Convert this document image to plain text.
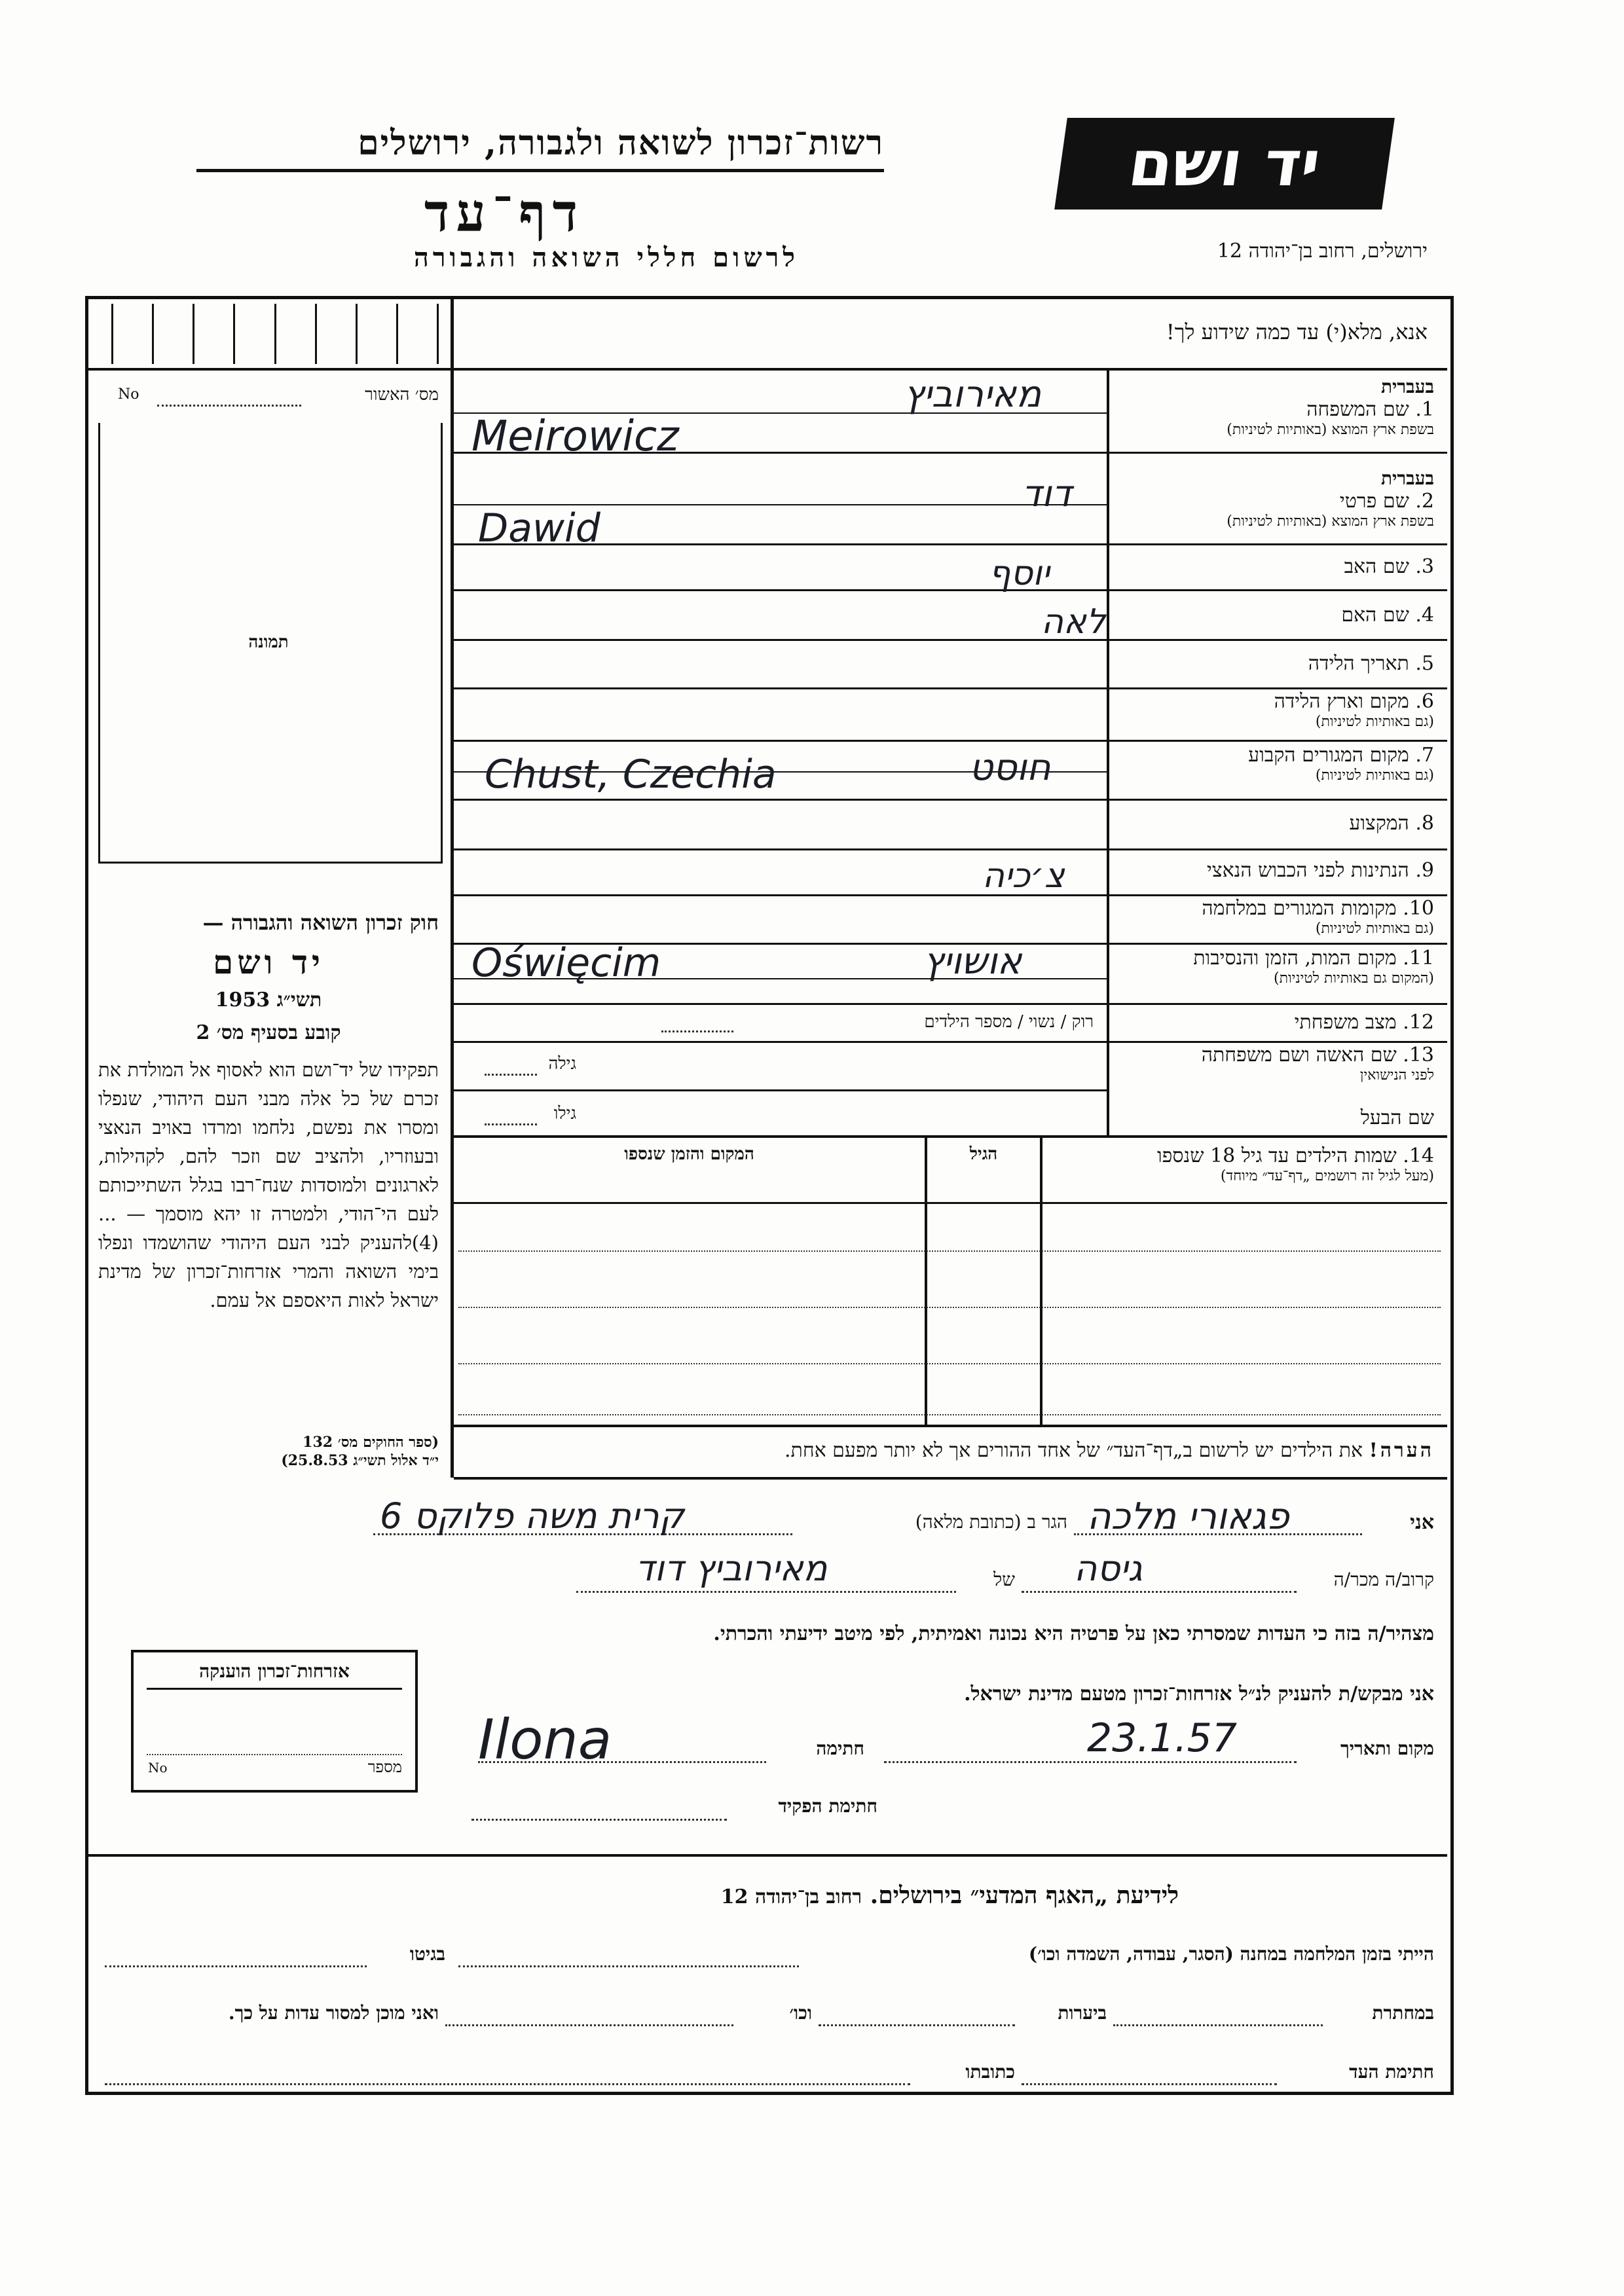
רשות־זכרון לשואה ולגבורה, ירושלים
דף־עד
לרשום חללי השואה והגבורה
יד ושם
ירושלים, רחוב בן־יהודה 12
אנא, מלא(י) עד כמה שידוע לך!
מס׳ האשור
No
תמונה
חוק זכרון השואה והגבורה —
יד ושם
תשי״ג 1953
קובע בסעיף מס׳ 2
תפקידו של יד־ושם הוא לאסוף אל המולדת את זכרם של כל אלה מבני העם היהודי, שנפלו ומסרו את נפשם, נלחמו ומרדו באויב הנאצי ובעוזריו, ולהציב שם וזכר להם, לקהילות, לארגונים ולמוסדות שנח־רבו בגלל השתייכותם לעם הי־הודי, ולמטרה זו יהא מוסמך — ...(4)להעניק לבני העם היהודי שהושמדו ונפלו בימי השואה והמרי אזרחות־זכרון של מדינת ישראל לאות היאספם אל עמם.
(ספר החוקים מס׳ 132
י״ד אלול תשי״ג 25.8.53)
בעברית
1. שם המשפחה
בשפת ארץ המוצא (באותיות לטיניות)
בעברית
2. שם פרטי
בשפת ארץ המוצא (באותיות לטיניות)
3. שם האב
4. שם האם
5. תאריך הלידה
6. מקום וארץ הלידה
(גם באותיות לטיניות)
7. מקום המגורים הקבוע
(גם באותיות לטיניות)
8. המקצוע
9. הנתינות לפני הכבוש הנאצי
10. מקומות המגורים במלחמה
(גם באותיות לטיניות)
11. מקום המות, הזמן והנסיבות
(המקום גם באותיות לטיניות)
12. מצב משפחתי
13. שם האשה ושם משפחתה
לפני הנישואין
שם הבעל
רוק / נשוי / מספר הילדים
גילה
גילו
מאירוביץ
Meirowicz
דוד
Dawid
יוסף
לאה
חוסט
Chust, Czechia
צ׳כיה
אושויץ
Oświęcim
14. שמות הילדים עד גיל 18 שנספו
(מעל לגיל זה רושמים „דף־עד״ מיוחד)
הגיל
המקום והזמן שנספו
הערה! את הילדים יש לרשום ב„דף־העד״ של אחד ההורים אך לא יותר מפעם אחת.
אני
פגאורי מלכה
הגר ב (כתובת מלאה)
קרית משה פלוקס 6
קרוב/ה מכר/ה
גיסה
של
מאירוביץ דוד
מצהיר/ה בזה כי העדות שמסרתי כאן על פרטיה היא נכונה ואמיתית, לפי מיטב ידיעתי והכרתי.
אני מבקש/ת להעניק לנ״ל אזרחות־זכרון מטעם מדינת ישראל.
מקום ותאריך
23.1.57
חתימה
Ilona
חתימת הפקיד
אזרחות־זכרון הוענקה
מספר
No
לידיעת „האגף המדעי״ בירושלים. רחוב בן־יהודה 12
הייתי בזמן המלחמה במחנה (הסגר, עבודה, השמדה וכו׳)
בגיטו
במחתרת
ביערות
וכו׳
ואני מוכן למסור עדות על כך.
חתימת העד
כתובתו
